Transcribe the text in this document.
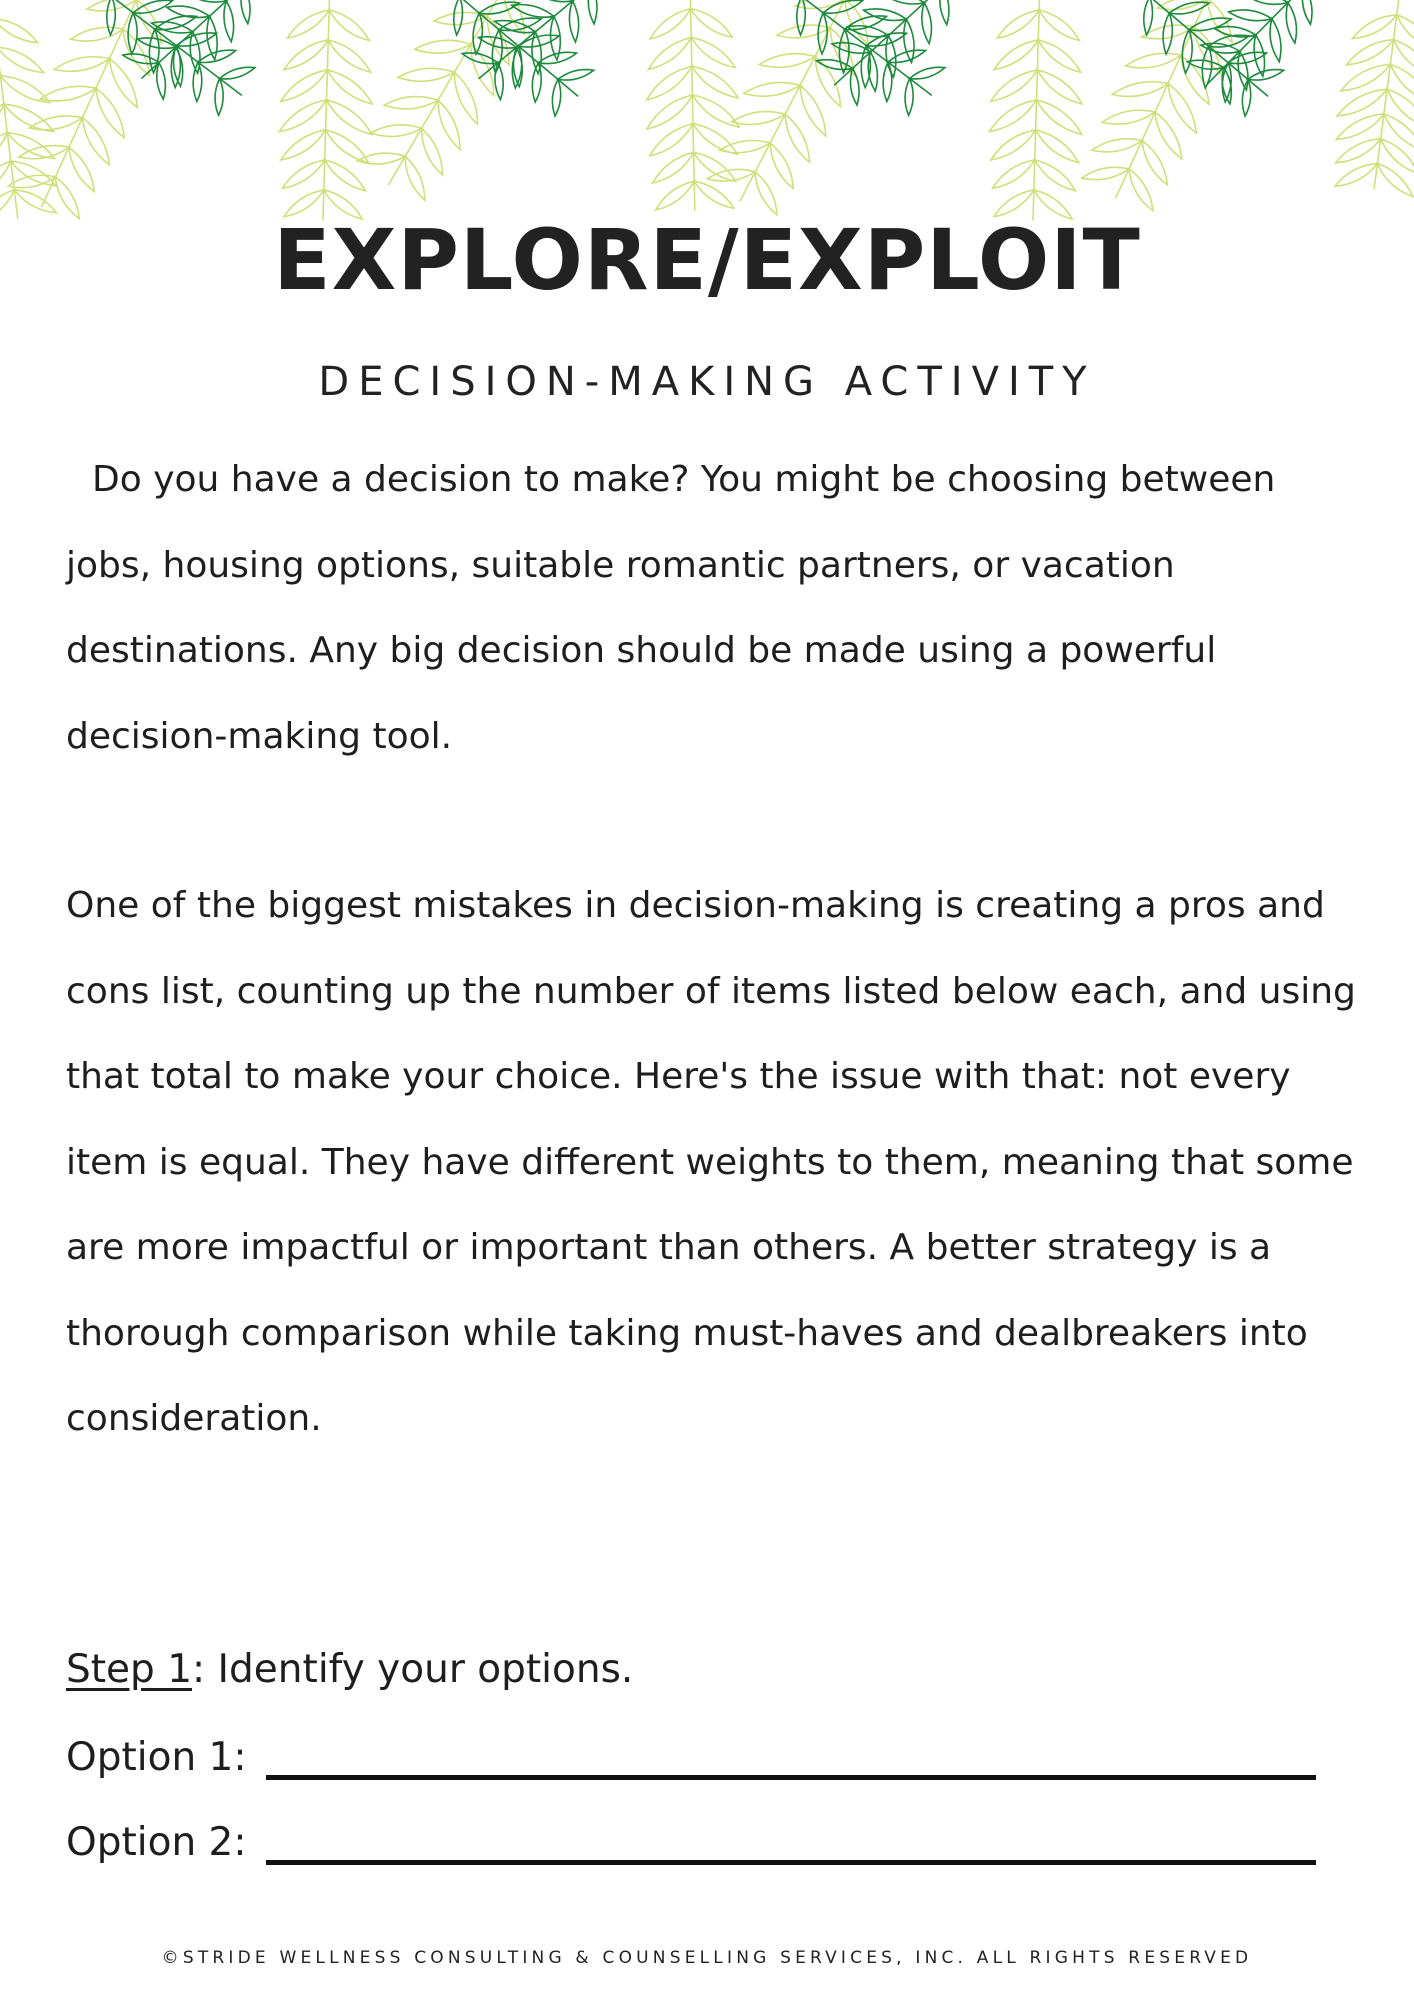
EXPLORE/EXPLOIT
DECISION-MAKING ACTIVITY

Do you have a decision to make? You might be choosing between jobs, housing options, suitable romantic partners, or vacation destinations. Any big decision should be made using a powerful decision-making tool.

One of the biggest mistakes in decision-making is creating a pros and cons list, counting up the number of items listed below each, and using that total to make your choice. Here's the issue with that: not every item is equal. They have different weights to them, meaning that some are more impactful or important than others. A better strategy is a thorough comparison while taking must-haves and dealbreakers into consideration.

Step 1: Identify your options.

Option 1:
Option 2:
©STRIDE WELLNESS CONSULTING & COUNSELLING SERVICES, INC. ALL RIGHTS RESERVED
